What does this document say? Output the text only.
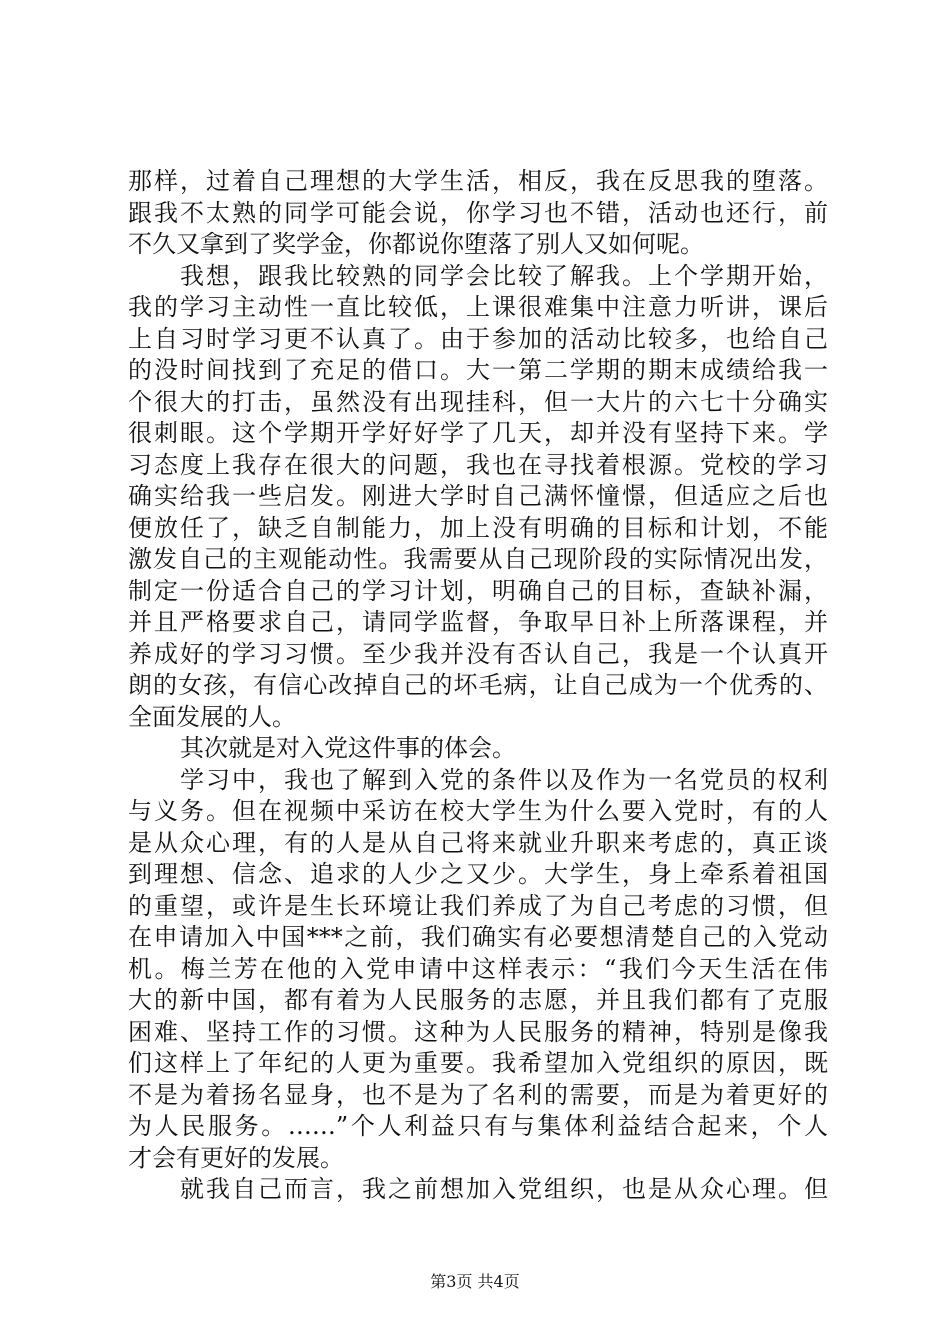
那样，过着自己理想的大学生活，相反，我在反思我的堕落。
跟我不太熟的同学可能会说，你学习也不错，活动也还行，前
不久又拿到了奖学金，你都说你堕落了别人又如何呢。
我想，跟我比较熟的同学会比较了解我。上个学期开始，
我的学习主动性一直比较低，上课很难集中注意力听讲，课后
上自习时学习更不认真了。由于参加的活动比较多，也给自己
的没时间找到了充足的借口。大一第二学期的期末成绩给我一
个很大的打击，虽然没有出现挂科，但一大片的六七十分确实
很刺眼。这个学期开学好好学了几天，却并没有坚持下来。学
习态度上我存在很大的问题，我也在寻找着根源。党校的学习
确实给我一些启发。刚进大学时自己满怀憧憬，但适应之后也
便放任了，缺乏自制能力，加上没有明确的目标和计划，不能
激发自己的主观能动性。我需要从自己现阶段的实际情况出发，
制定一份适合自己的学习计划，明确自己的目标，查缺补漏，
并且严格要求自己，请同学监督，争取早日补上所落课程，并
养成好的学习习惯。至少我并没有否认自己，我是一个认真开
朗的女孩，有信心改掉自己的坏毛病，让自己成为一个优秀的、
全面发展的人。
其次就是对入党这件事的体会。
学习中，我也了解到入党的条件以及作为一名党员的权利
与义务。但在视频中采访在校大学生为什么要入党时，有的人
是从众心理，有的人是从自己将来就业升职来考虑的，真正谈
到理想、信念、追求的人少之又少。大学生，身上牵系着祖国
的重望，或许是生长环境让我们养成了为自己考虑的习惯，但
在申请加入中国***之前，我们确实有必要想清楚自己的入党动
机。梅兰芳在他的入党申请中这样表示：“我们今天生活在伟
大的新中国，都有着为人民服务的志愿，并且我们都有了克服
困难、坚持工作的习惯。这种为人民服务的精神，特别是像我
们这样上了年纪的人更为重要。我希望加入党组织的原因，既
不是为着扬名显身，也不是为了名利的需要，而是为着更好的
为人民服务。……”个人利益只有与集体利益结合起来，个人
才会有更好的发展。
就我自己而言，我之前想加入党组织，也是从众心理。但
第3页 共4页
